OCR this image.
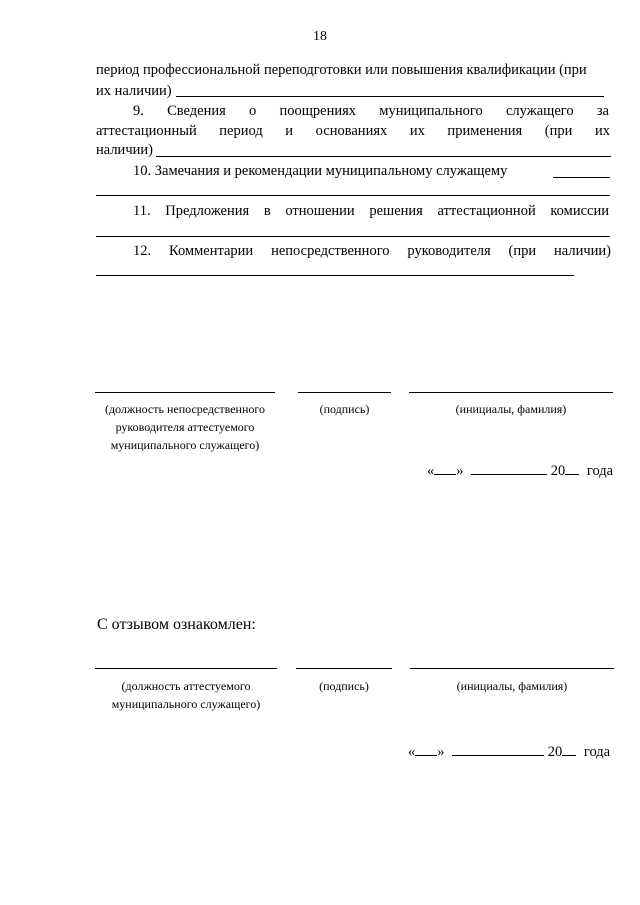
18
период профессиональной переподготовки или повышения квалификации (при
их наличии)
9. Сведения о поощрениях муниципального служащего за
аттестационный период и основаниях их применения (при их
наличии)
10. Замечания и рекомендации муниципальному служащему
11. Предложения в отношении решения аттестационной комиссии
12. Комментарии непосредственного руководителя (при наличии)
(должность непосредственного руководителя аттестуемого муниципального служащего)
(подпись)	(инициалы, фамилия)
« »	20 года
С отзывом ознакомлен:
(должность аттестуемого муниципального служащего)
(подпись)	(инициалы, фамилия)
« »	20 года
